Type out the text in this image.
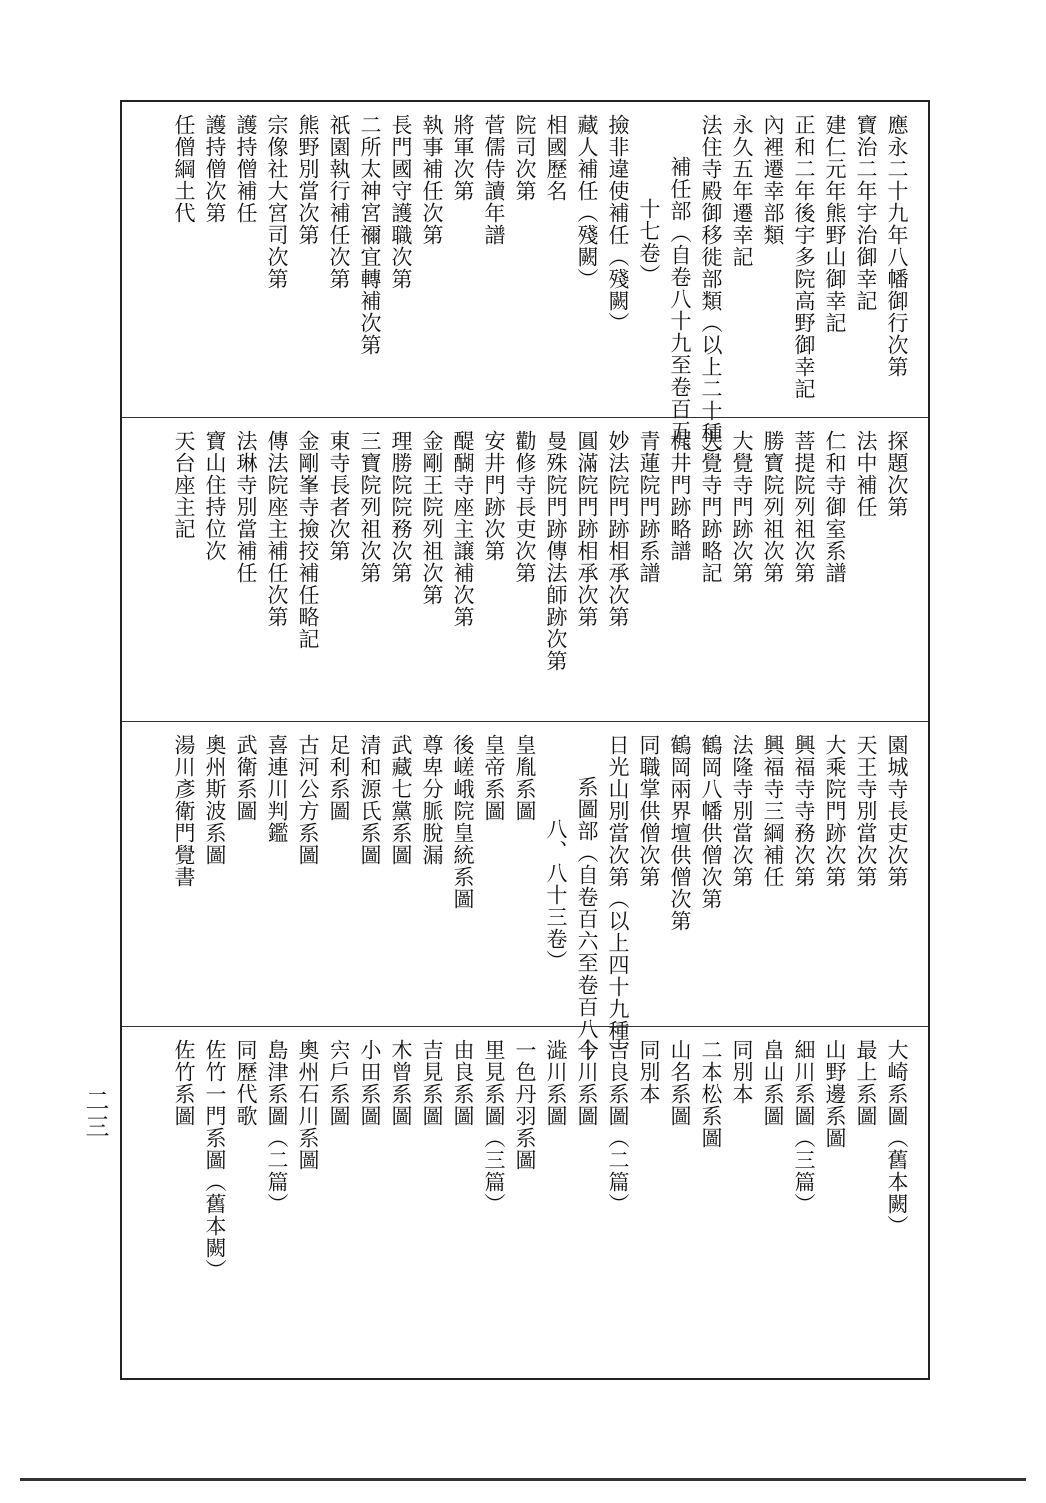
應永二十九年八幡御行次第
寶治二年宇治御幸記
建仁元年熊野山御幸記
正和二年後宇多院高野御幸記
內裡遷幸部類
永久五年遷幸記
法住寺殿御移徙部類（以上二十種）
補任部（自卷八十九至卷百五、
十七卷）
撿非違使補任（殘闕）
藏人補任（殘闕）
相國歷名
院司次第
菅儒侍讀年譜
將軍次第
執事補任次第
長門國守護職次第
二所太神宮禰宜轉補次第
祇園執行補任次第
熊野別當次第
宗像社大宮司次第
護持僧補任
護持僧次第
任僧綱土代
探題次第
法中補任
仁和寺御室系譜
菩提院列祖次第
勝寶院列祖次第
大覺寺門跡次第
大覺寺門跡略記
梶井門跡略譜
青蓮院門跡系譜
妙法院門跡相承次第
圓滿院門跡相承次第
曼殊院門跡傳法師跡次第
勸修寺長吏次第
安井門跡次第
醍醐寺座主譲補次第
金剛王院列祖次第
理勝院院務次第
三寶院列祖次第
東寺長者次第
金剛峯寺撿挍補任略記
傳法院座主補任次第
法琳寺別當補任
寶山住持位次
天台座主記
園城寺長吏次第
天王寺別當次第
大乘院門跡次第
興福寺寺務次第
興福寺三綱補任
法隆寺別當次第
鶴岡八幡供僧次第
鶴岡兩界壇供僧次第
同職掌供僧次第
日光山別當次第（以上四十九種）
系圖部（自卷百六至卷百八十
八、八十三卷）
皇胤系圖
皇帝系圖
後嵯峨院皇統系圖
尊卑分脈脫漏
武藏七黨系圖
清和源氏系圖
足利系圖
古河公方系圖
喜連川判鑑
武衛系圖
奧州斯波系圖
湯川彥衛門覺書
大崎系圖（舊本闕）
最上系圖
山野邊系圖
細川系圖（三篇）
畠山系圖
同別本
二本松系圖
山名系圖
同別本
吉良系圖（二篇）
今川系圖
澁川系圖
一色丹羽系圖
里見系圖（三篇）
由良系圖
吉見系圖
木曾系圖
小田系圖
宍戶系圖
奧州石川系圖
島津系圖（二篇）
同歷代歌
佐竹一門系圖（舊本闕）
佐竹系圖
二三
